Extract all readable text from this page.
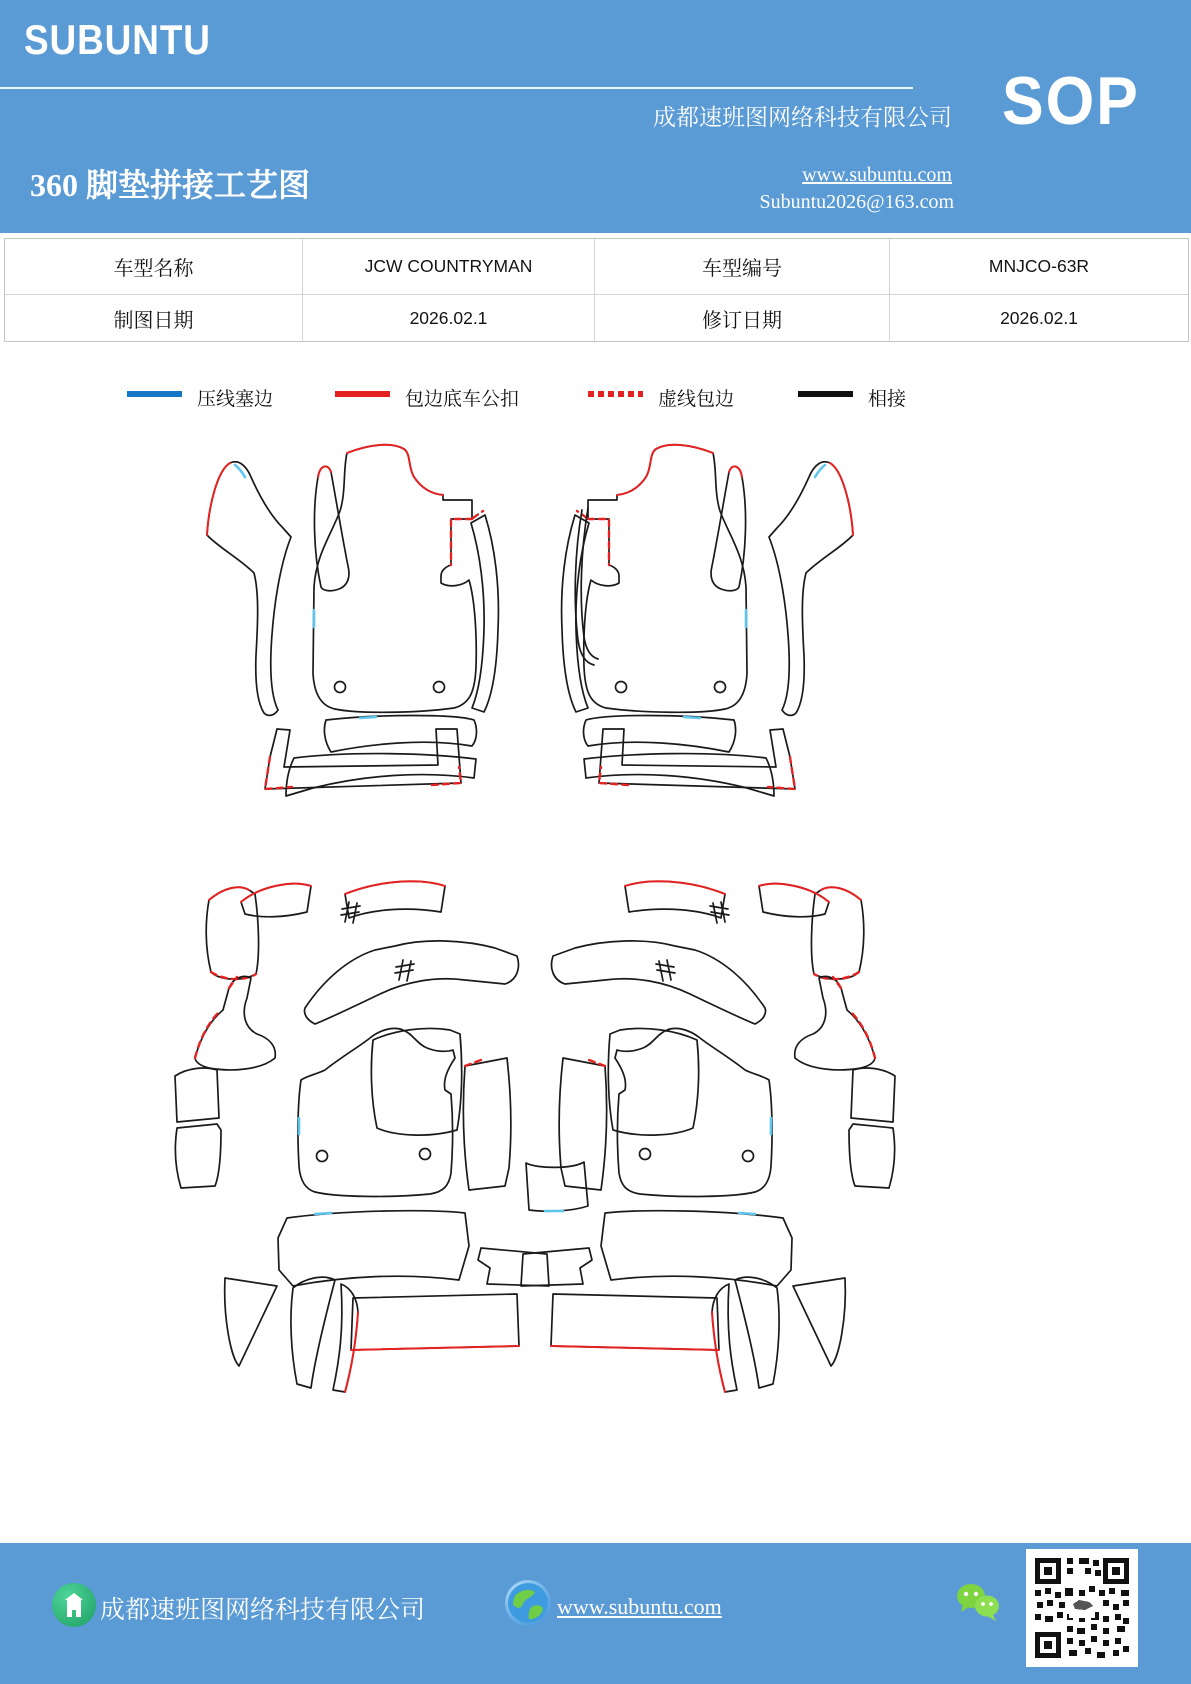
SUBUNTU
360 脚垫拼接工艺图
成都速班图网络科技有限公司 SOP
www.subuntu.com
Subuntu2026@163.com
车型名称	JCW COUNTRYMAN	车型编号	MNJCO-63R
制图日期	2026.02.1	修订日期	2026.02.1
压线塞边	包边底车公扣	虚线包边	相接
成都速班图网络科技有限公司	www.subuntu.com
